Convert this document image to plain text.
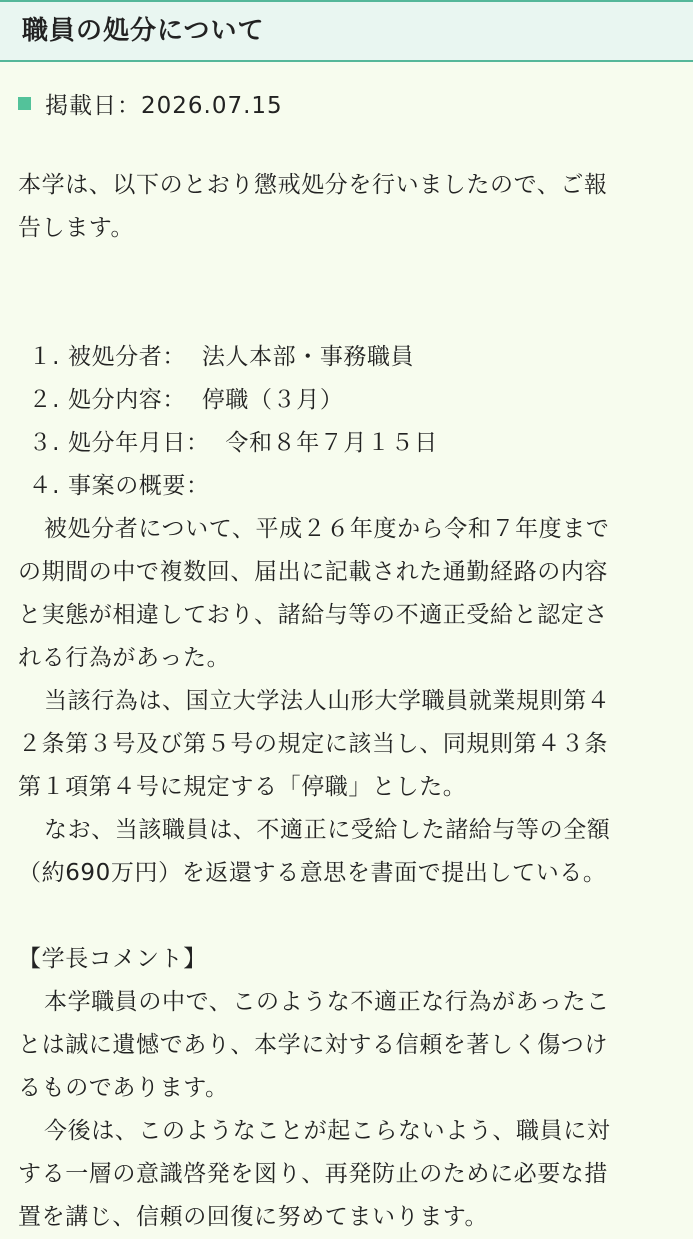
職員の処分について
掲載日：2026.07.15
本学は、以下のとおり懲戒処分を行いましたので、ご報
告します。
１. 被処分者：  法人本部・事務職員
２. 処分内容：  停職（３月）
３. 処分年月日：  令和８年７月１５日
４. 事案の概要：
被処分者について、平成２６年度から令和７年度まで
の期間の中で複数回、届出に記載された通勤経路の内容
と実態が相違しており、諸給与等の不適正受給と認定さ
れる行為があった。
当該行為は、国立大学法人山形大学職員就業規則第４
２条第３号及び第５号の規定に該当し、同規則第４３条
第１項第４号に規定する「停職」とした。
なお、当該職員は、不適正に受給した諸給与等の全額
（約690万円）を返還する意思を書面で提出している。
【学長コメント】
本学職員の中で、このような不適正な行為があったこ
とは誠に遺憾であり、本学に対する信頼を著しく傷つけ
るものであります。
今後は、このようなことが起こらないよう、職員に対
する一層の意識啓発を図り、再発防止のために必要な措
置を講じ、信頼の回復に努めてまいります。
